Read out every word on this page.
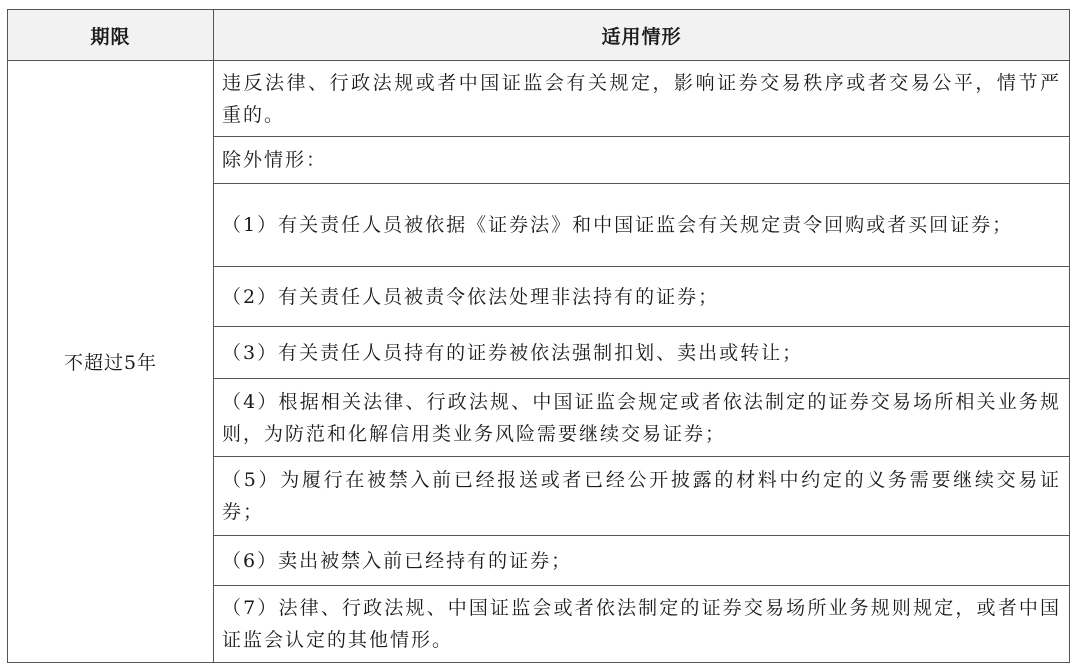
期限	适用情形
不超过5年	违反法律、行政法规或者中国证监会有关规定，影响证券交易秩序或者交易公平，情节严重的。

	除外情形：

	（1）有关责任人员被依据《证券法》和中国证监会有关规定责令回购或者买回证券；

	（2）有关责任人员被责令依法处理非法持有的证券；

	（3）有关责任人员持有的证券被依法强制扣划、卖出或转让；

	（4）根据相关法律、行政法规、中国证监会规定或者依法制定的证券交易场所相关业务规则，为防范和化解信用类业务风险需要继续交易证券；

	（5）为履行在被禁入前已经报送或者已经公开披露的材料中约定的义务需要继续交易证券；

	（6）卖出被禁入前已经持有的证券；

	（7）法律、行政法规、中国证监会或者依法制定的证券交易场所业务规则规定，或者中国证监会认定的其他情形。
